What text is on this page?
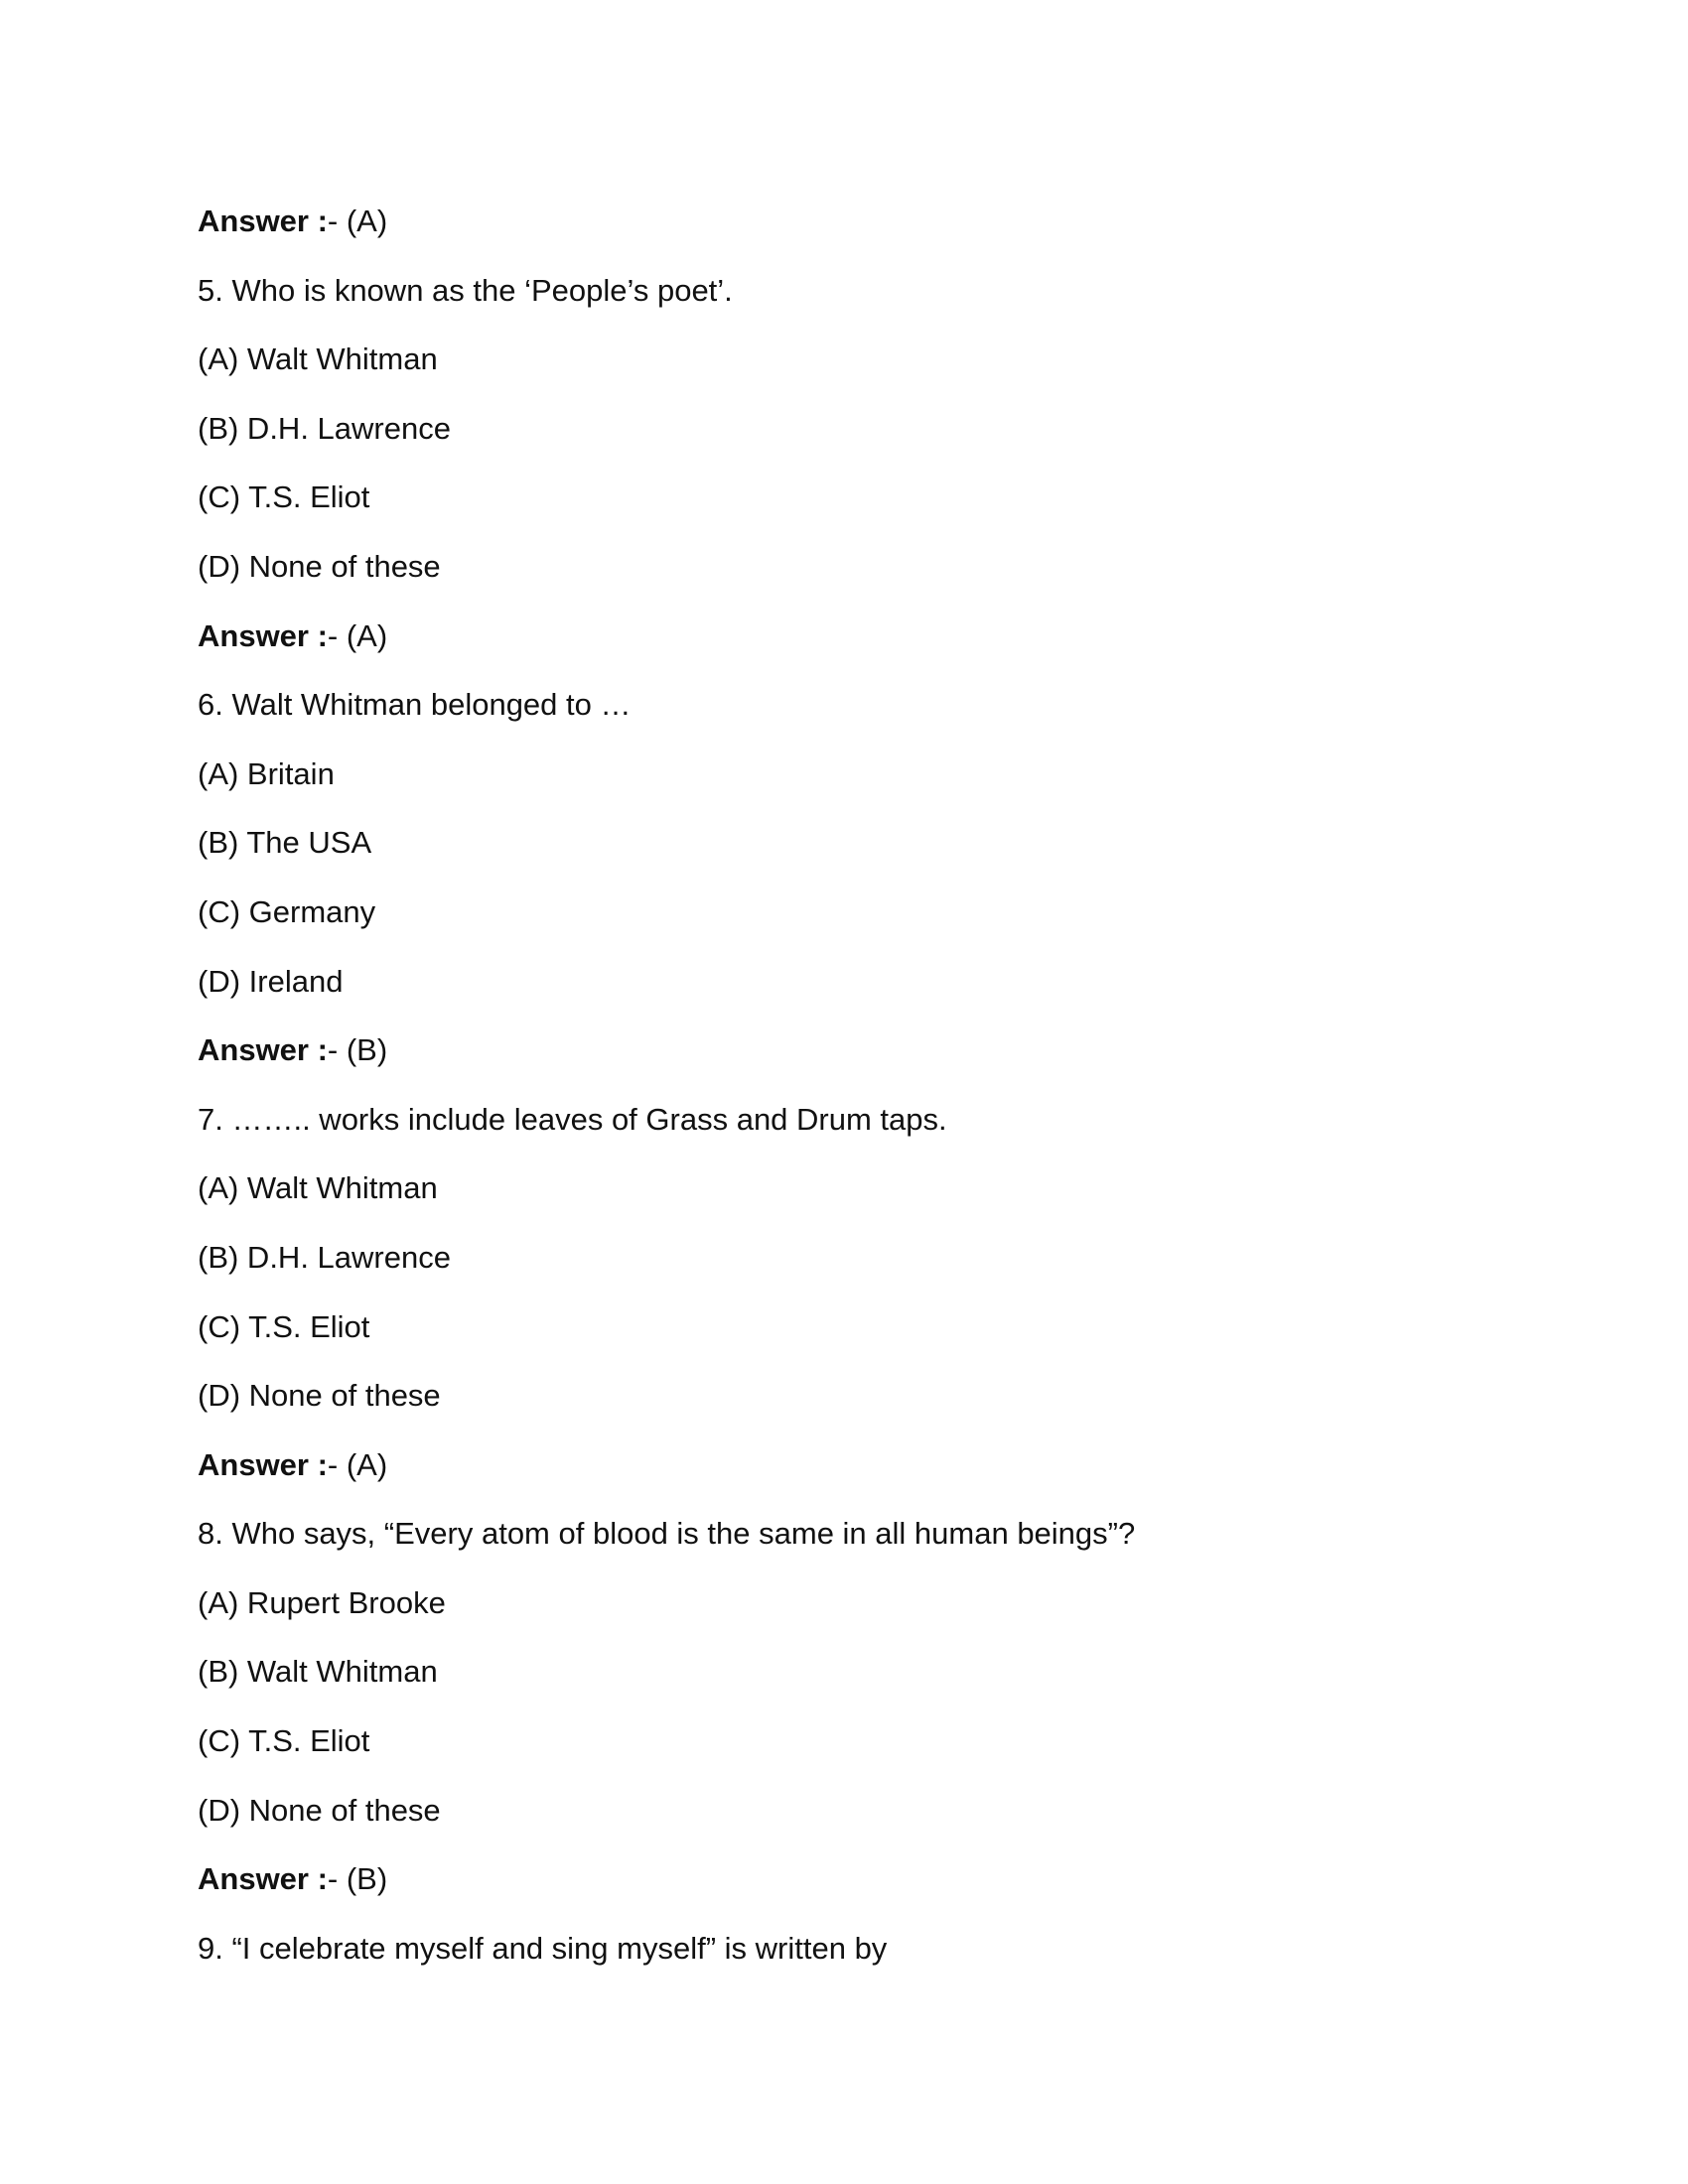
Answer :- (A)
5. Who is known as the ‘People’s poet’.
(A) Walt Whitman
(B) D.H. Lawrence
(C) T.S. Eliot
(D) None of these
Answer :- (A)
6. Walt Whitman belonged to …
(A) Britain
(B) The USA
(C) Germany
(D) Ireland
Answer :- (B)
7. …….. works include leaves of Grass and Drum taps.
(A) Walt Whitman
(B) D.H. Lawrence
(C) T.S. Eliot
(D) None of these
Answer :- (A)
8. Who says, “Every atom of blood is the same in all human beings”?
(A) Rupert Brooke
(B) Walt Whitman
(C) T.S. Eliot
(D) None of these
Answer :- (B)
9. “I celebrate myself and sing myself” is written by
